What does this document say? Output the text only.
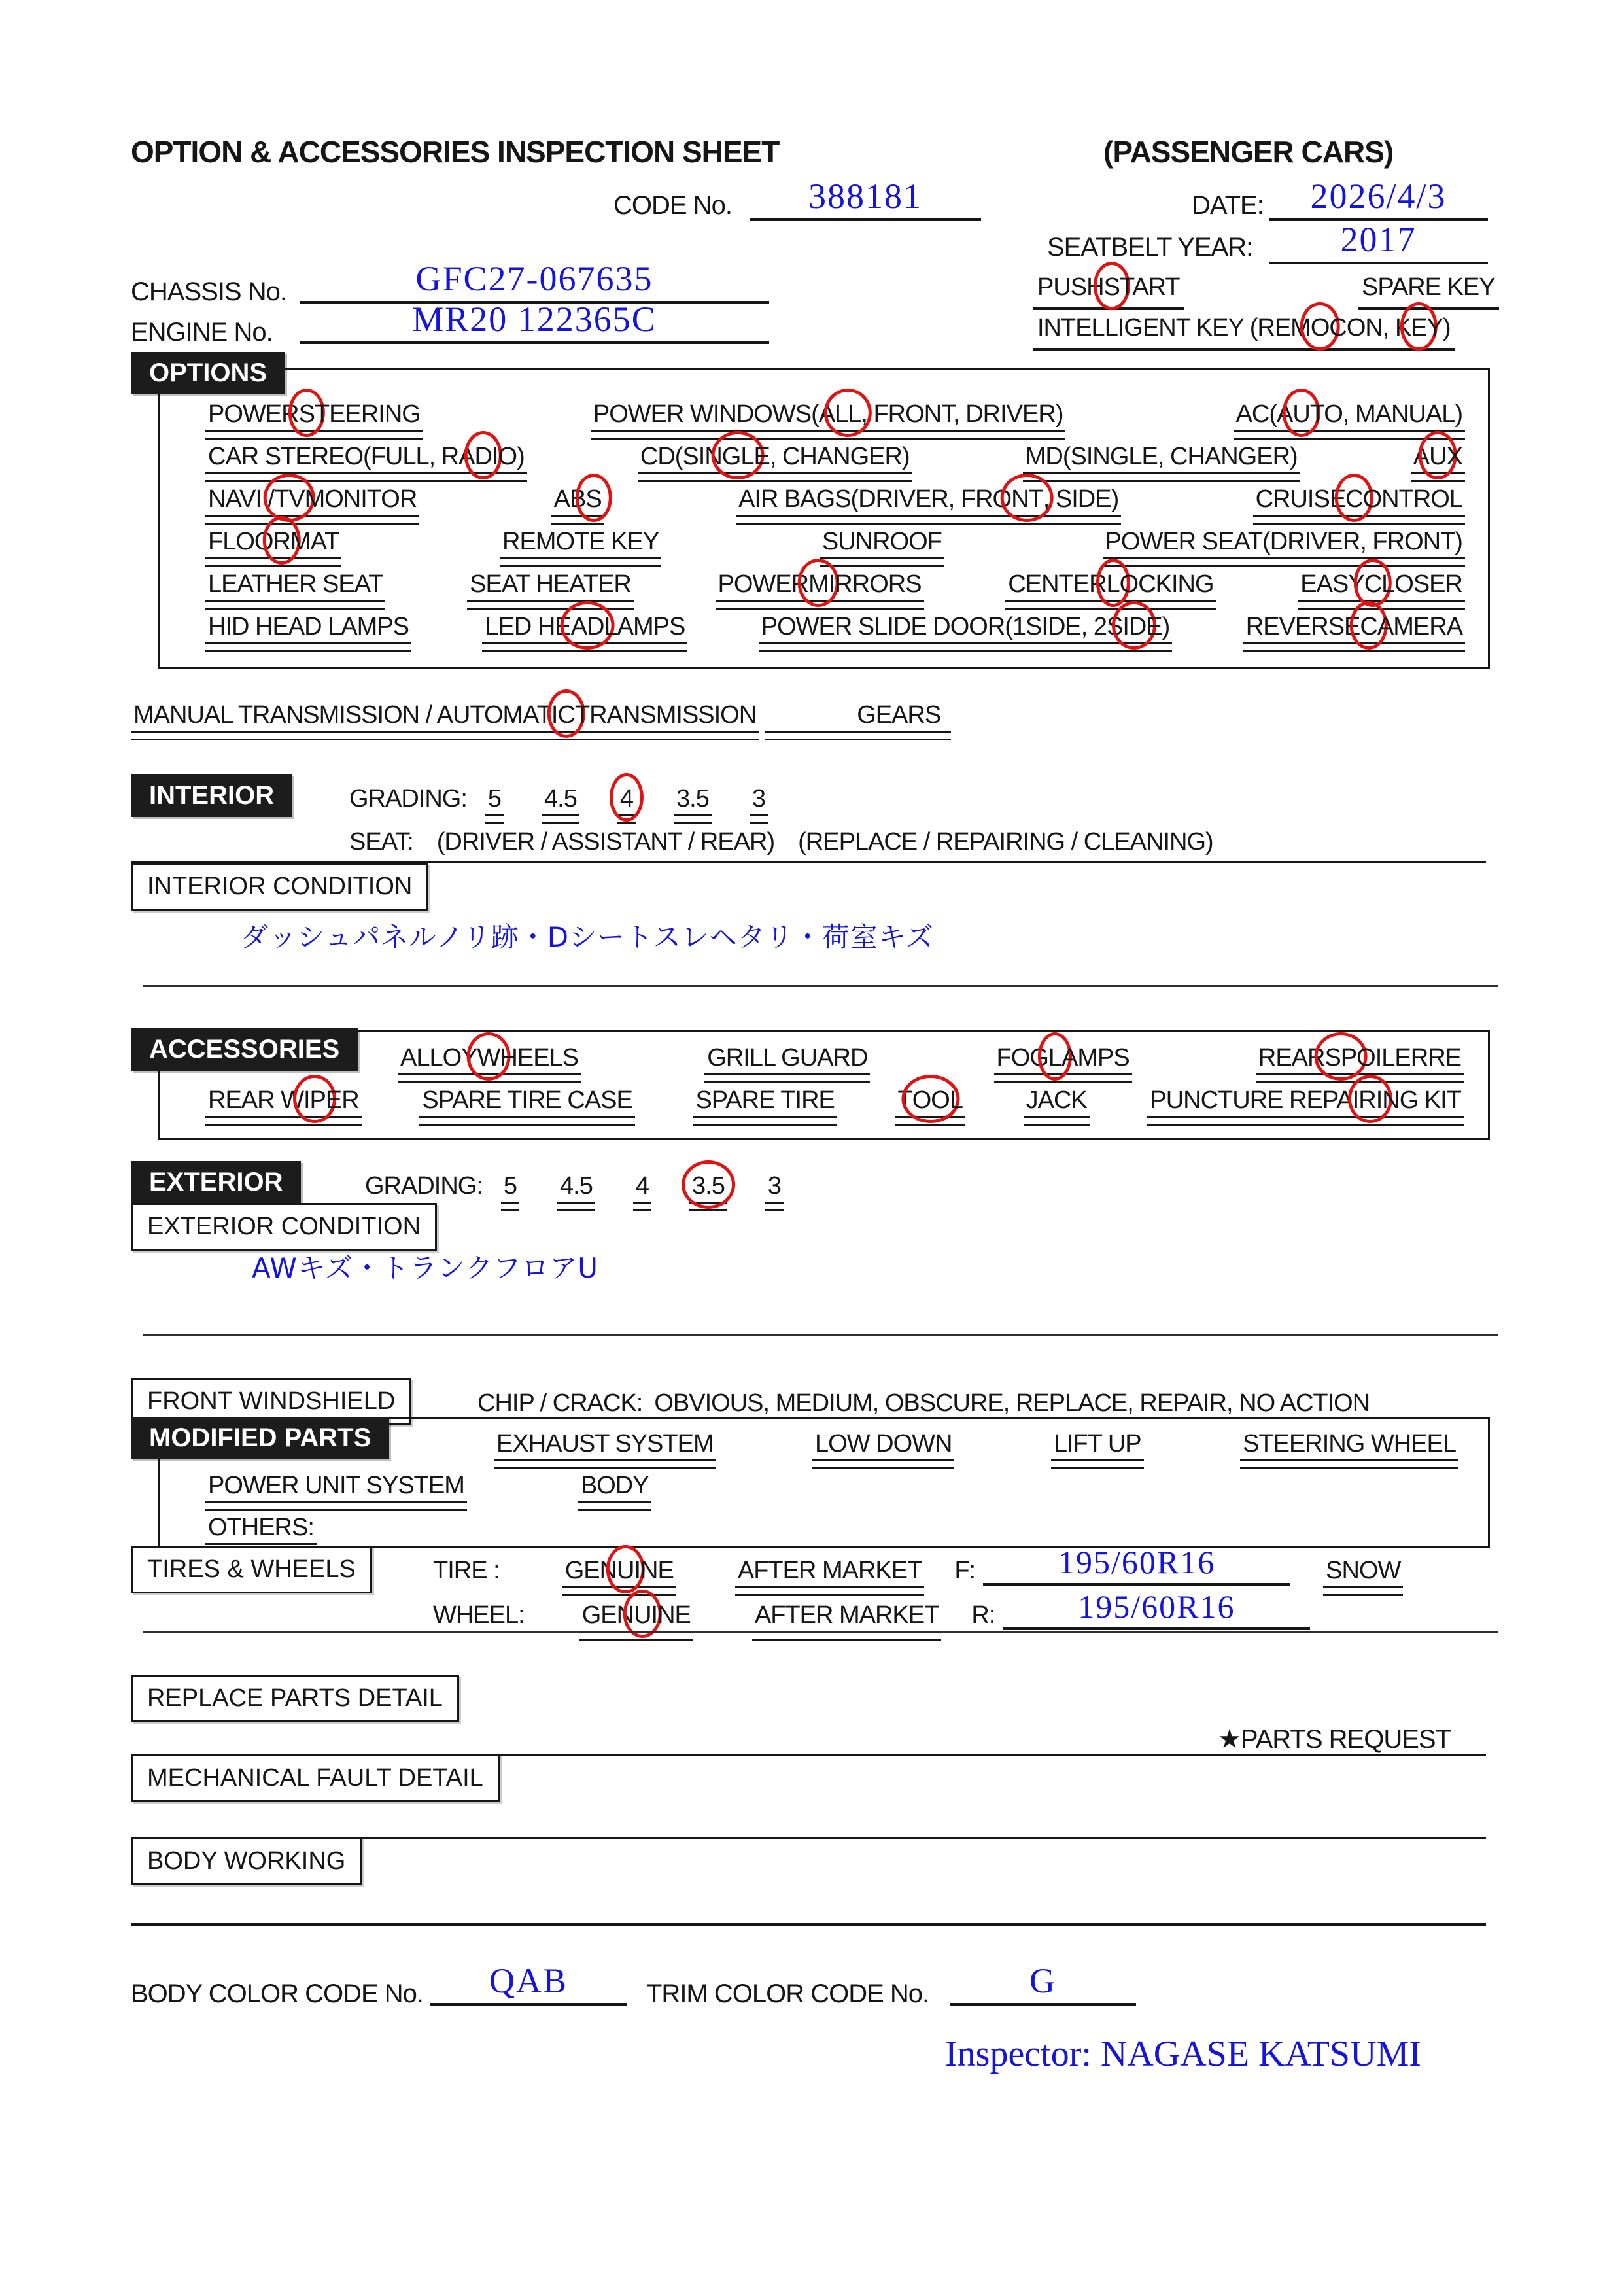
OPTION & ACCESSORIES INSPECTION SHEET	(PASSENGER CARS)
CODE No.	388181	DATE:	2026/4/3
SEATBELT YEAR:	2017
CHASSIS No.	GFC27-067635	PUSHSTART	SPARE KEY
ENGINE No.	MR20 122365C	INTELLIGENT KEY (REMOCON, KEY)
OPTIONS
POWERSTEERING	POWER WINDOWS(ALL, FRONT, DRIVER)	AC(AUTO, MANUAL)
CAR STEREO(FULL, RADIO)	CD(SINGLE, CHANGER)	MD(SINGLE, CHANGER)	AUX
NAVI /TVMONITOR	ABS	AIR BAGS(DRIVER, FRONT, SIDE)	CRUISECONTROL
FLOORMAT	REMOTE KEY	SUNROOF	POWER SEAT(DRIVER, FRONT)
LEATHER SEAT	SEAT HEATER	POWERMIRRORS	CENTERLOCKING	EASYCLOSER
HID HEAD LAMPS	LED HEADLAMPS	POWER SLIDE DOOR(1SIDE, 2SIDE)	REVERSECAMERA
MANUAL TRANSMISSION / AUTOMATICTRANSMISSION	GEARS
INTERIOR	GRADING: 5 4.5 4 3.5 3
SEAT: (DRIVER / ASSISTANT / REAR) (REPLACE / REPAIRING / CLEANING)
INTERIOR CONDITION
ダッシュパネルノリ跡・Dシートスレヘタリ・荷室キズ
ACCESSORIES	ALLOYWHEELS	GRILL GUARD	FOGLAMPS	REARSPOILERRE
REAR WIPER	SPARE TIRE CASE	SPARE TIRE	TOOL	JACK	PUNCTURE REPAIRING KIT
EXTERIOR	GRADING: 5 4.5 4 3.5 3
EXTERIOR CONDITION
AWキズ・トランクフロアU
FRONT WINDSHIELD	CHIP / CRACK: OBVIOUS, MEDIUM, OBSCURE, REPLACE, REPAIR, NO ACTION
MODIFIED PARTS	EXHAUST SYSTEM	LOW DOWN	LIFT UP	STEERING WHEEL
POWER UNIT SYSTEM	BODY
OTHERS:
TIRES & WHEELS	TIRE :	GENUINE	AFTER MARKET F:	195/60R16	SNOW
WHEEL: GENUINE	AFTER MARKET R:	195/60R16
REPLACE PARTS DETAIL
★PARTS REQUEST
MECHANICAL FAULT DETAIL
BODY WORKING
BODY COLOR CODE No.	QAB	TRIM COLOR CODE No.	G
Inspector: NAGASE KATSUMI
